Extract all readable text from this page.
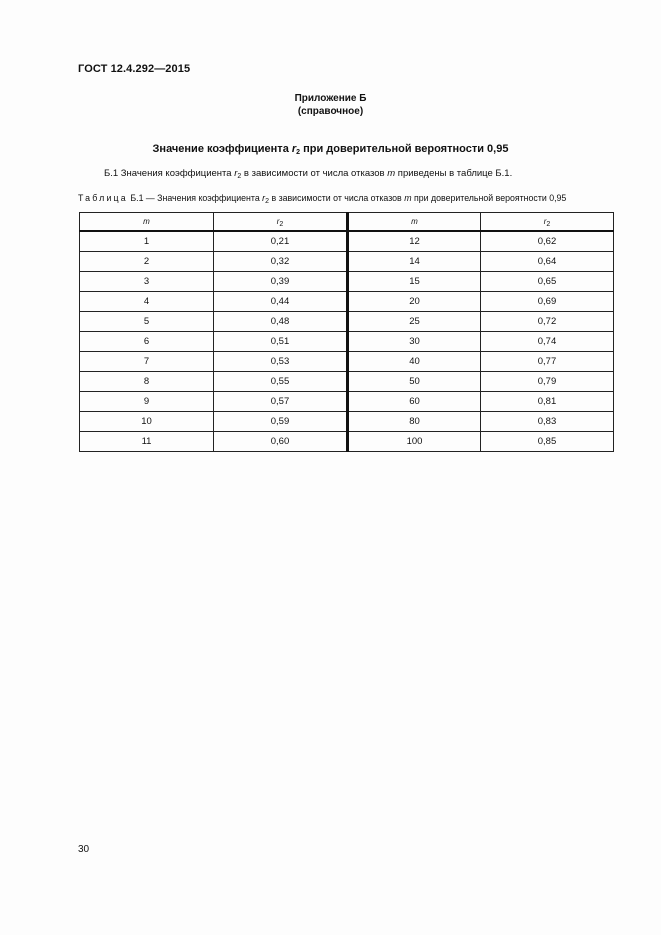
ГОСТ 12.4.292—2015
Приложение Б
(справочное)
Значение коэффициента $r_2$ при доверительной вероятности 0,95
Б.1 Значения коэффициента $r_2$ в зависимости от числа отказов m приведены в таблице Б.1.
Таблица Б.1 — Значения коэффициента $r_2$ в зависимости от числа отказов m при доверительной вероятности 0,95
m	$r_2$	m	$r_2$
1	0,21	12	0,62
2	0,32	14	0,64
3	0,39	15	0,65
4	0,44	20	0,69
5	0,48	25	0,72
6	0,51	30	0,74
7	0,53	40	0,77
8	0,55	50	0,79
9	0,57	60	0,81
10	0,59	80	0,83
11	0,60	100	0,85
30
